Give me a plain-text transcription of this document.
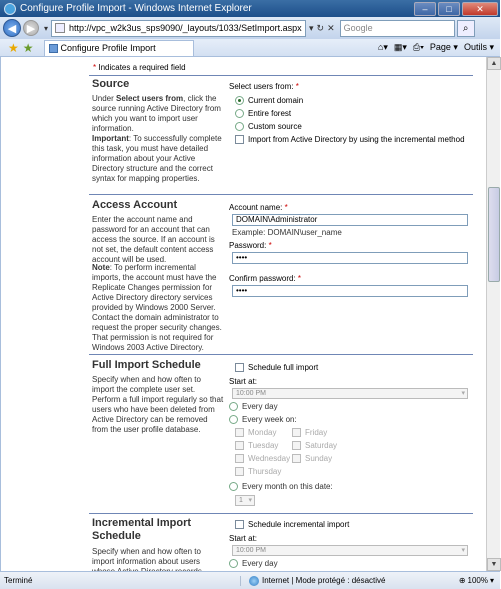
Configure Profile Import - Windows Internet Explorer	–	□	✕
◀ ▶	▾ http://vpc_w2k3us_sps9090/_layouts/1033/SetImport.aspx ▾ ↻ ✕	Google	⌕
★ ★	Configure Profile Import	⌂▾ ▦▾ ⎙▾ Page ▾ Outils ▾
* Indicates a required field
Source
Under Select users from, click the source running Active Directory from which you want to import user information.
Important: To successfully complete this task, you must have detailed information about your Active Directory structure and the correct syntax for mapping properties.
Select users from: *
Current domain
Entire forest
Custom source
Import from Active Directory by using the incremental method
Access Account
Enter the account name and password for an account that can access the source. If an account is not set, the default content access account will be used.
Note: To perform incremental imports, the account must have the Replicate Changes permission for Active Directory directory services provided by Windows 2000 Server. Contact the domain administrator to request the proper security changes. That permission is not required for Windows 2003 Active Directory.
Account name: *
DOMAIN\Administrator
Example: DOMAIN\user_name
Password: *
••••
Confirm password: *
••••
Full Import Schedule
Specify when and how often to import the complete user set. Perform a full import regularly so that users who have been deleted from Active Directory can be removed from the user profile database.
Schedule full import
Start at:
10:00 PM ▾
Every day
Every week on:
Monday
Tuesday
Wednesday
Thursday
Friday
Saturday
Sunday
Every month on this date:
1 ▾
Incremental Import
Schedule
Specify when and how often to import information about users
Schedule incremental import
Start at:
10:00 PM ▾
Every day
▲
▼
Terminé	Internet | Mode protégé : désactivé	⊕ 100% ▾
